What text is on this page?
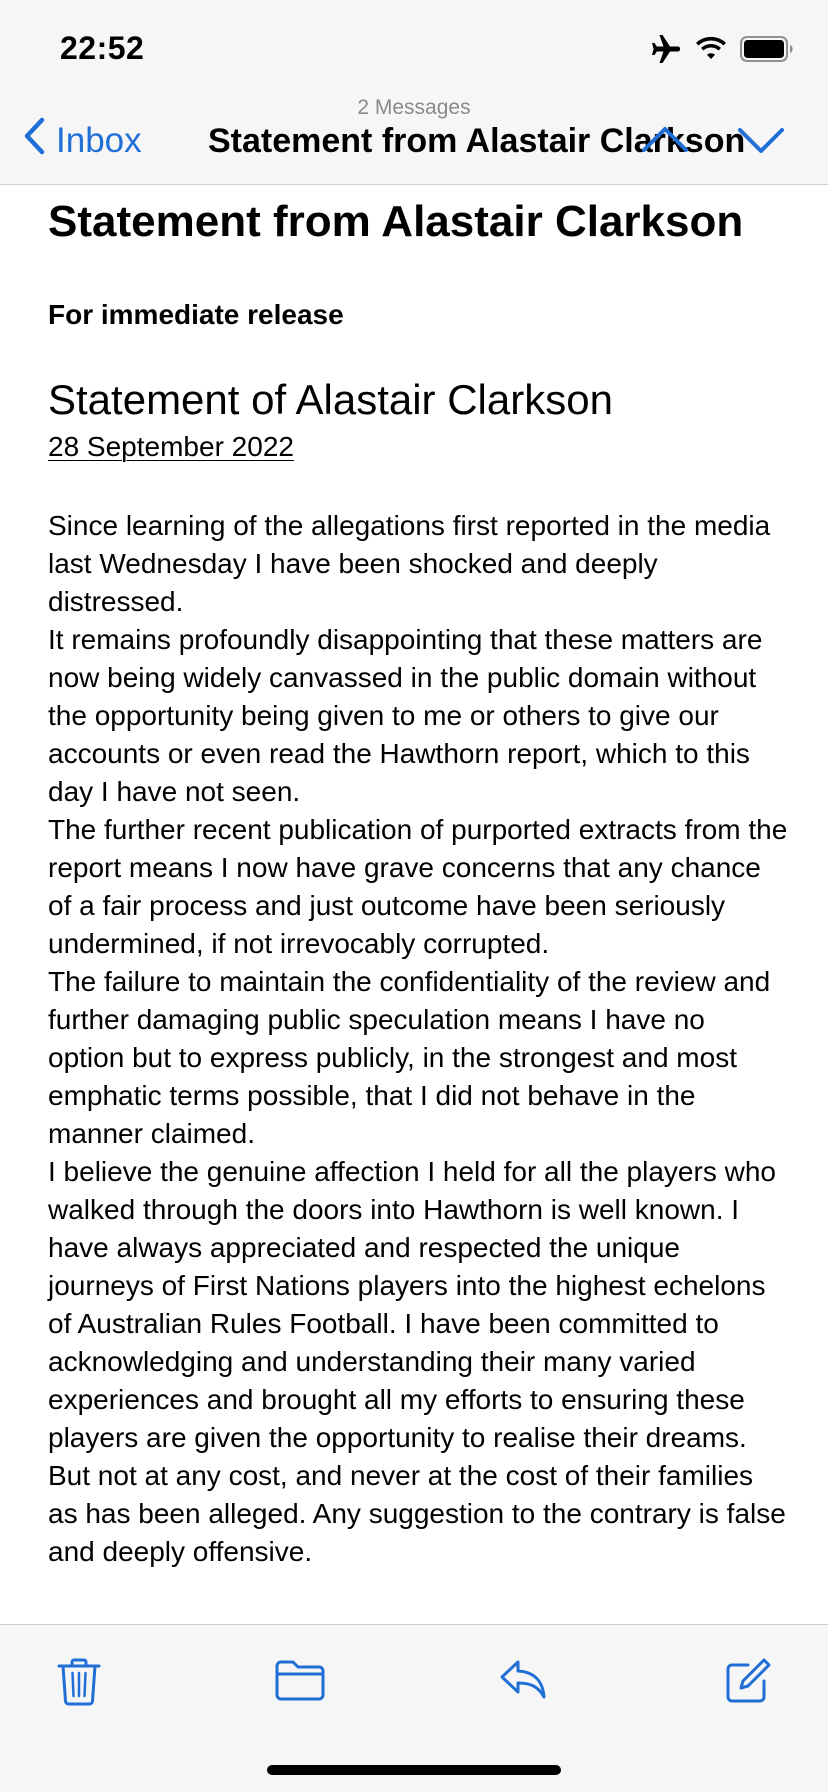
22:52
2 Messages
Inbox Statement from Alastair Clarkson
Statement from Alastair Clarkson
For immediate release
Statement of Alastair Clarkson
28 September 2022

Since learning of the allegations first reported in the media last Wednesday I have been shocked and deeply distressed.

It remains profoundly disappointing that these matters are now being widely canvassed in the public domain without the opportunity being given to me or others to give our accounts or even read the Hawthorn report, which to this day I have not seen.

The further recent publication of purported extracts from the report means I now have grave concerns that any chance of a fair process and just outcome have been seriously undermined, if not irrevocably corrupted.

The failure to maintain the confidentiality of the review and further damaging public speculation means I have no option but to express publicly, in the strongest and most emphatic terms possible, that I did not behave in the manner claimed.

I believe the genuine affection I held for all the players who walked through the doors into Hawthorn is well known. I have always appreciated and respected the unique journeys of First Nations players into the highest echelons of Australian Rules Football. I have been committed to acknowledging and understanding their many varied experiences and brought all my efforts to ensuring these players are given the opportunity to realise their dreams. But not at any cost, and never at the cost of their families as has been alleged. Any suggestion to the contrary is false and deeply offensive.
